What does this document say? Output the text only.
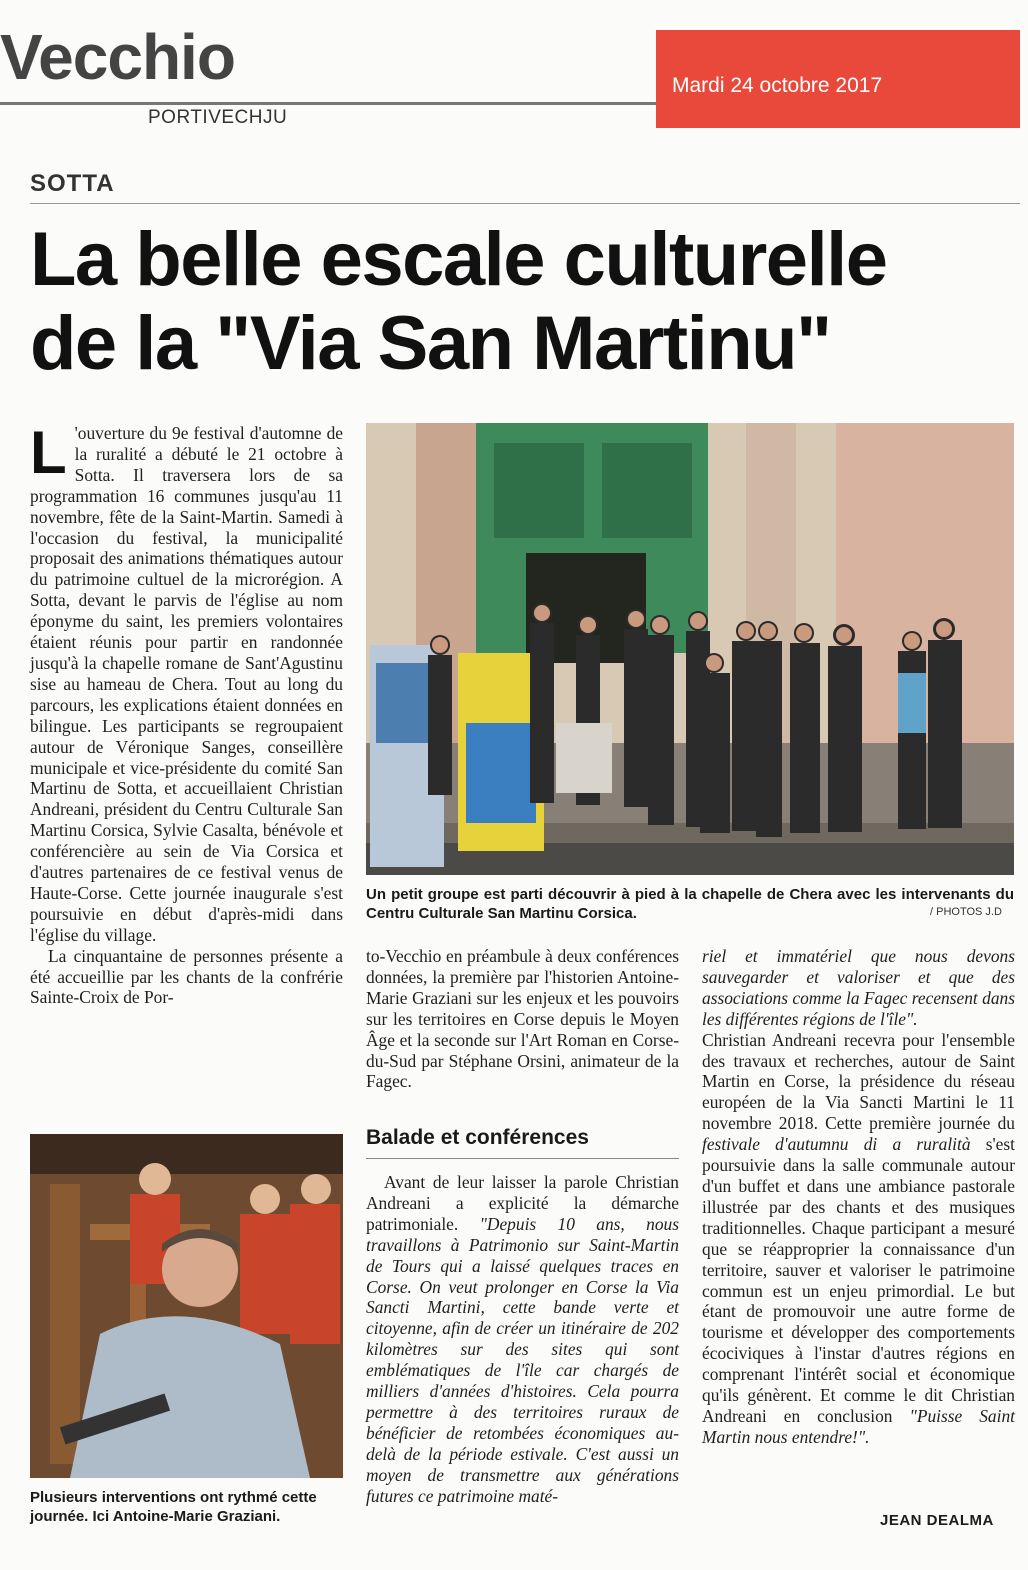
Vecchio
PORTIVECHJU
Mardi 24 octobre 2017
SOTTA
La belle escale culturelle
de la "Via San Martinu"

L 'ouverture du 9e festival d'automne de la ruralité a débuté le 21 octobre à Sotta. Il traversera lors de sa programmation 16 communes jusqu'au 11 novembre, fête de la Saint-Martin. Samedi à l'occasion du festival, la municipalité proposait des animations thématiques autour du patrimoine cultuel de la microrégion. A Sotta, devant le parvis de l'église au nom éponyme du saint, les premiers volontaires étaient réunis pour partir en randonnée jusqu'à la chapelle romane de Sant'Agustinu sise au hameau de Chera. Tout au long du parcours, les explications étaient données en bilingue. Les participants se regroupaient autour de Véronique Sanges, conseillère municipale et vice-présidente du comité San Martinu de Sotta, et accueillaient Christian Andreani, président du Centru Culturale San Martinu Corsica, Sylvie Casalta, bénévole et conférencière au sein de Via Corsica et d'autres partenaires de ce festival venus de Haute-Corse. Cette journée inaugurale s'est poursuivie en début d'après-midi dans l'église du village.

La cinquantaine de personnes présente a été accueillie par les chants de la confrérie Sainte-Croix de Por-

Un petit groupe est parti découvrir à pied à la chapelle de Chera avec les intervenants du Centru Culturale San Martinu Corsica.	/ PHOTOS J.D

to-Vecchio en préambule à deux conférences données, la première par l'historien Antoine-Marie Graziani sur les enjeux et les pouvoirs sur les territoires en Corse depuis le Moyen Âge et la seconde sur l'Art Roman en Corse-du-Sud par Stéphane Orsini, animateur de la Fagec.

Balade et conférences

Avant de leur laisser la parole Christian Andreani a explicité la démarche patrimoniale. "Depuis 10 ans, nous travaillons à Patrimonio sur Saint-Martin de Tours qui a laissé quelques traces en Corse. On veut prolonger en Corse la Via Sancti Martini, cette bande verte et citoyenne, afin de créer un itinéraire de 202 kilomètres sur des sites qui sont emblématiques de l'île car chargés de milliers d'années d'histoires. Cela pourra permettre à des territoires ruraux de bénéficier de retombées économiques au-delà de la période estivale. C'est aussi un moyen de transmettre aux générations futures ce patrimoine maté-

riel et immatériel que nous devons sauvegarder et valoriser et que des associations comme la Fagec recensent dans les différentes régions de l'île".

Christian Andreani recevra pour l'ensemble des travaux et recherches, autour de Saint Martin en Corse, la présidence du réseau européen de la Via Sancti Martini le 11 novembre 2018. Cette première journée du festivale d'autumnu di a ruralità s'est poursuivie dans la salle communale autour d'un buffet et dans une ambiance pastorale illustrée par des chants et des musiques traditionnelles. Chaque participant a mesuré que se réapproprier la connaissance d'un territoire, sauver et valoriser le patrimoine commun est un enjeu primordial. Le but étant de promouvoir une autre forme de tourisme et développer des comportements écociviques à l'instar d'autres régions en comprenant l'intérêt social et économique qu'ils génèrent. Et comme le dit Christian Andreani en conclusion "Puisse Saint Martin nous entendre!".

JEAN DEALMA
Plusieurs interventions ont rythmé cette journée. Ici Antoine-Marie Graziani.
